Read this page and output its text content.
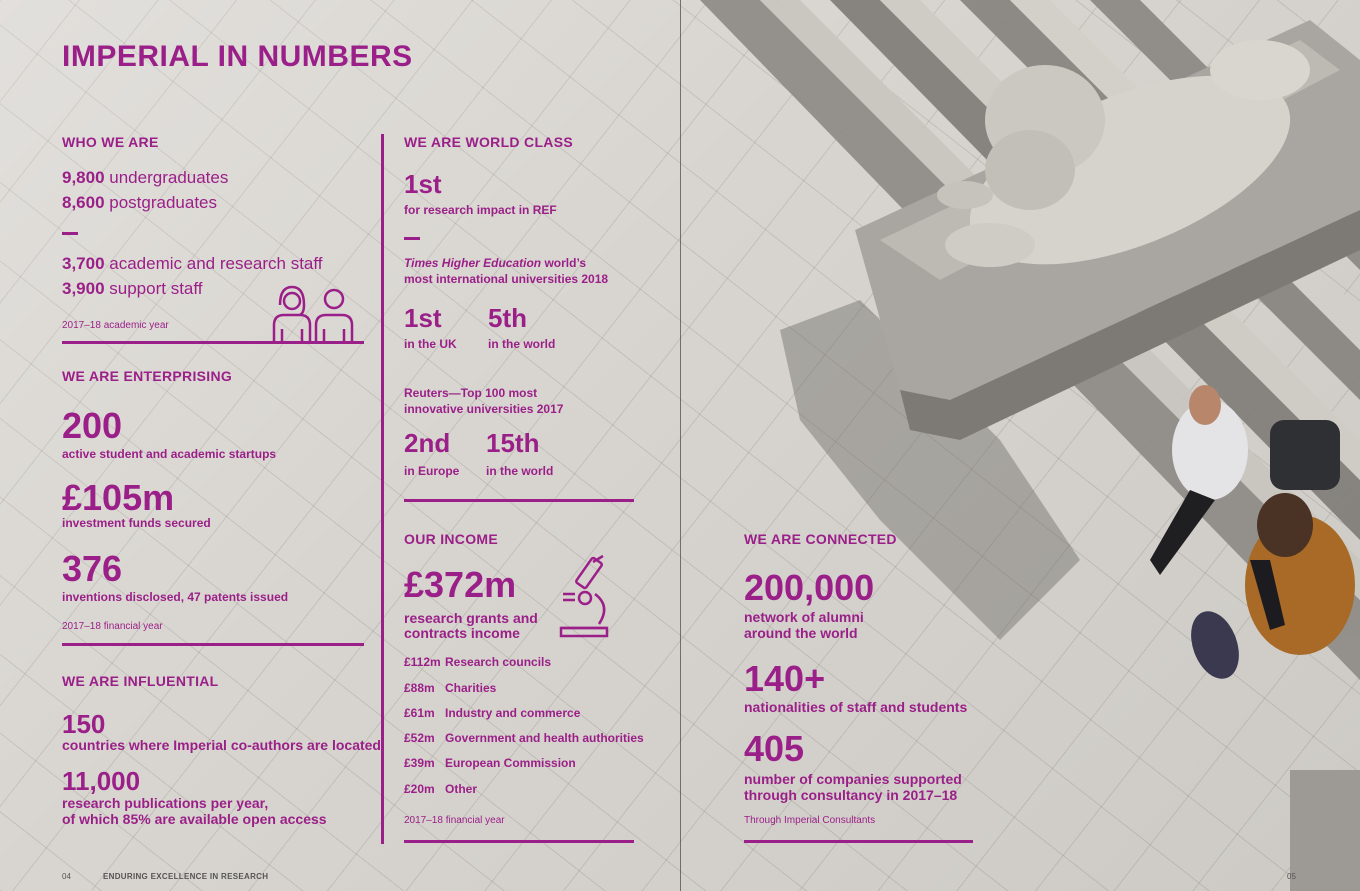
IMPERIAL IN NUMBERS
WHO WE ARE
9,800 undergraduates
8,600 postgraduates
3,700 academic and research staff
3,900 support staff
2017–18 academic year
WE ARE ENTERPRISING
200
active student and academic startups
£105m
investment funds secured
376
inventions disclosed, 47 patents issued
2017–18 financial year
WE ARE INFLUENTIAL
150
countries where Imperial co-authors are located
11,000
research publications per year,
of which 85% are available open access
WE ARE WORLD CLASS
1st
for research impact in REF
Times Higher Education world’s
most international universities 2018
1st
in the UK
5th
in the world
Reuters—Top 100 most
innovative universities 2017
2nd
in Europe
15th
in the world
OUR INCOME
£372m
research grants and
contracts income
£112m Research councils
£88m Charities
£61m Industry and commerce
£52m Government and health authorities
£39m European Commission
£20m Other
2017–18 financial year
WE ARE CONNECTED
200,000
network of alumni
around the world
140+
nationalities of staff and students
405
number of companies supported
through consultancy in 2017–18
Through Imperial Consultants
04	ENDURING EXCELLENCE IN RESEARCH	05
